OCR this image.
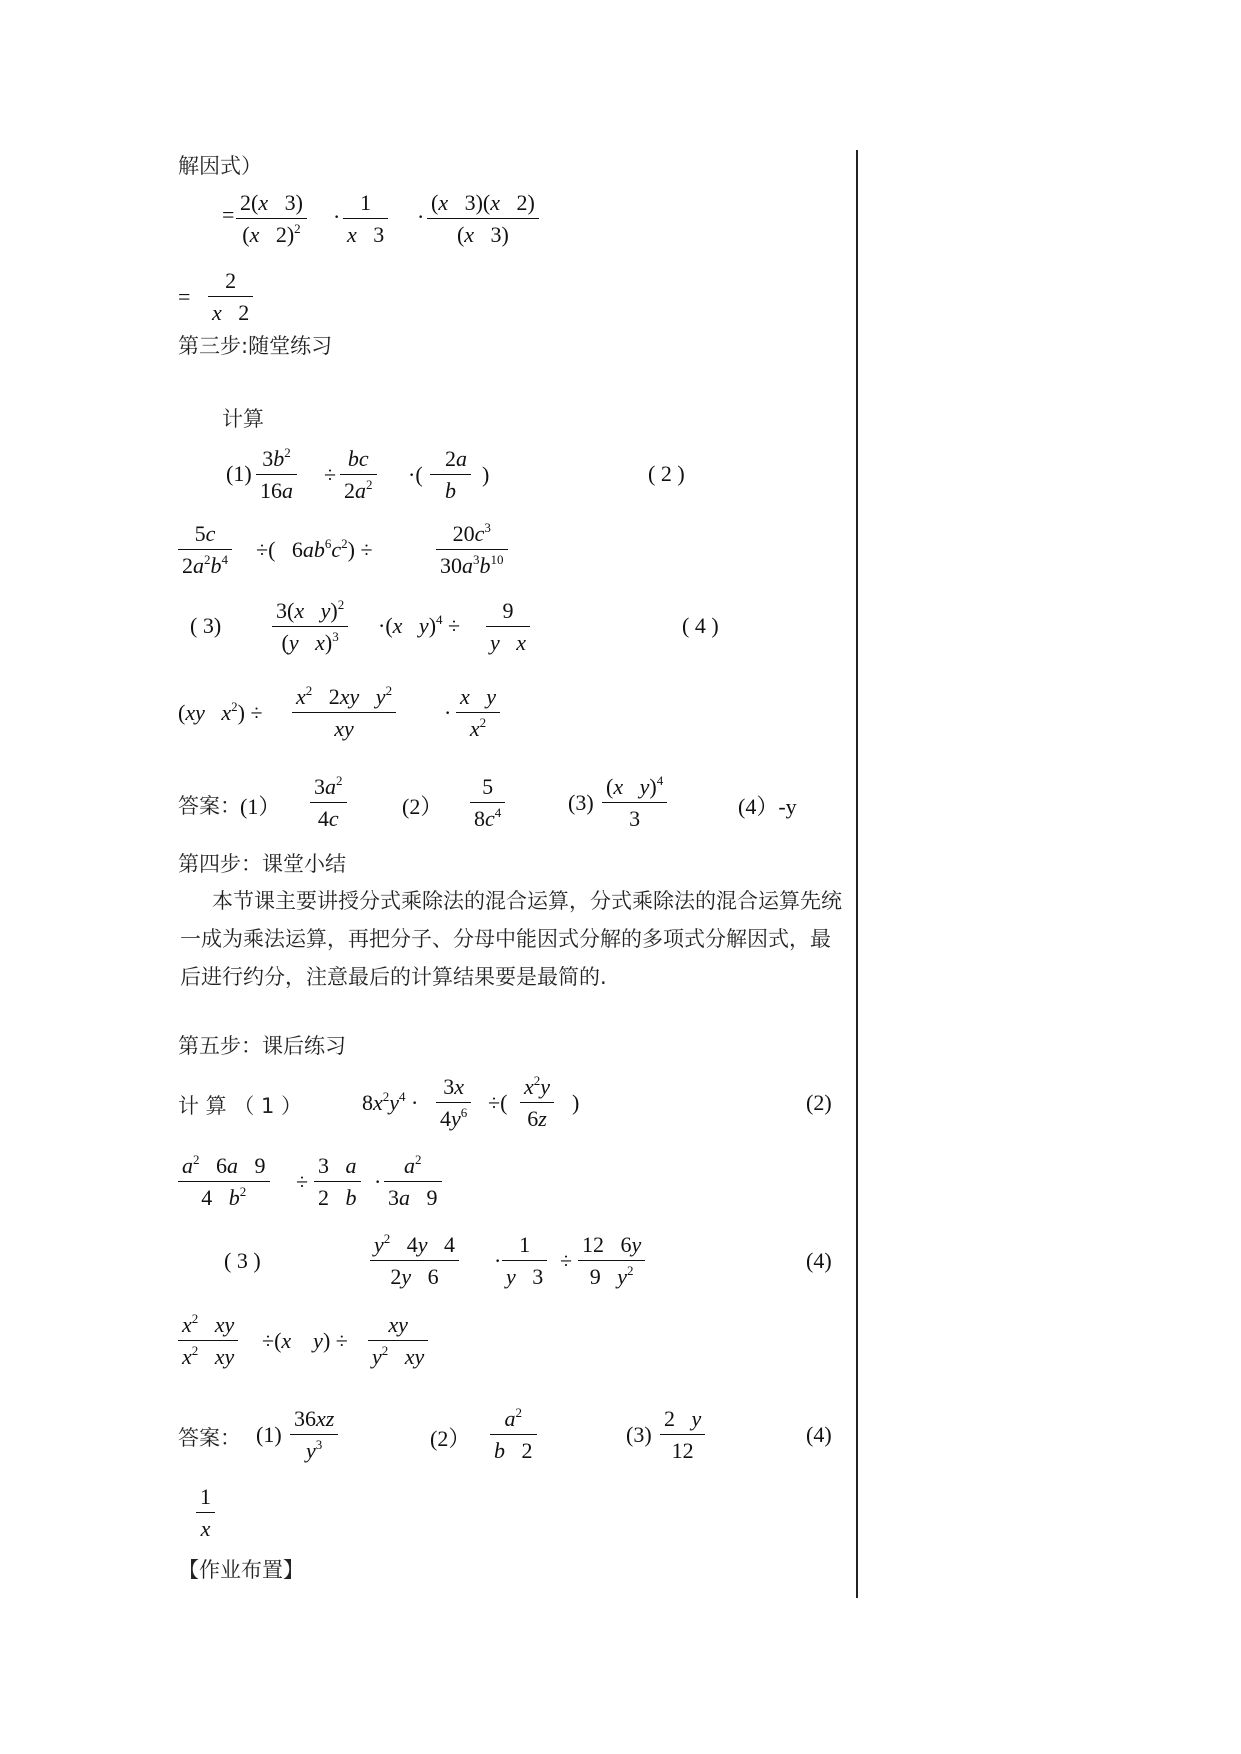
解因式）
= $\frac{2(x 3)}{(x 2)^2} \cdot \frac{1}{x 3} \cdot \frac{(x 3)(x 2)}{(x 3)}$
= $\frac{2}{x 2}$
第三步:随堂练习
计算
$(1) \frac{3b^2}{16a} \div \frac{bc}{2a^2}$ ·( $\frac{2a}{b}$ )	( 2 )
$\frac{5c}{2a^2b^4}$ ÷(   $6ab^6c^2$) ÷	$\frac{20c^3}{30a^3b^{10}}$
( $3) \frac{3(x y)^2}{(y x)^3} \cdot(x$ $y)^4 \div \frac{9}{\text{y x}}$	( 4 )
(xy $x^2) \div \frac{x^2 2xy y^2}{xy} \cdot \frac{\text{x y}}{x^2}$
答案： $(1) \frac{3a^2}{4c}$	$(2) \frac{5}{8c^4}$	$(3) \frac{(x y)^4}{3}$	(4）-y
第四步：课堂小结
本节课主要讲授分式乘除法的混合运算，分式乘除法的混合运算先统一成为乘法运算，再把分子、分母中能因式分解的多项式分解因式，最后进行约分，注意最后的计算结果要是最简的.
第五步：课后练习
计 算 （ 1 ）	$8x^2y^4 \cdot \frac{3x}{4y^6}$ ÷( $\frac{x^2y}{6z}$ )	(2)
$\frac{a^2 6a 9}{4 b^2} \div \frac{3 a}{2 b} \cdot \frac{a^2}{3a 9}$
( 3 )	$\frac{y^2 4y 4}{2y 6} \cdot \frac{1}{y 3} \div \frac{12 6y}{9 y^2}$	(4)
$\frac{x^2 xy}{x^2 xy} \div(x$ $y) \div \frac{xy}{y^2 xy}$
答案： $(1) \frac{36xz}{y^3}$	$(2) \frac{a^2}{b 2}$	$(3) \frac{2 y}{12}$	(4)
$\frac{1}{x}$
【作业布置】
